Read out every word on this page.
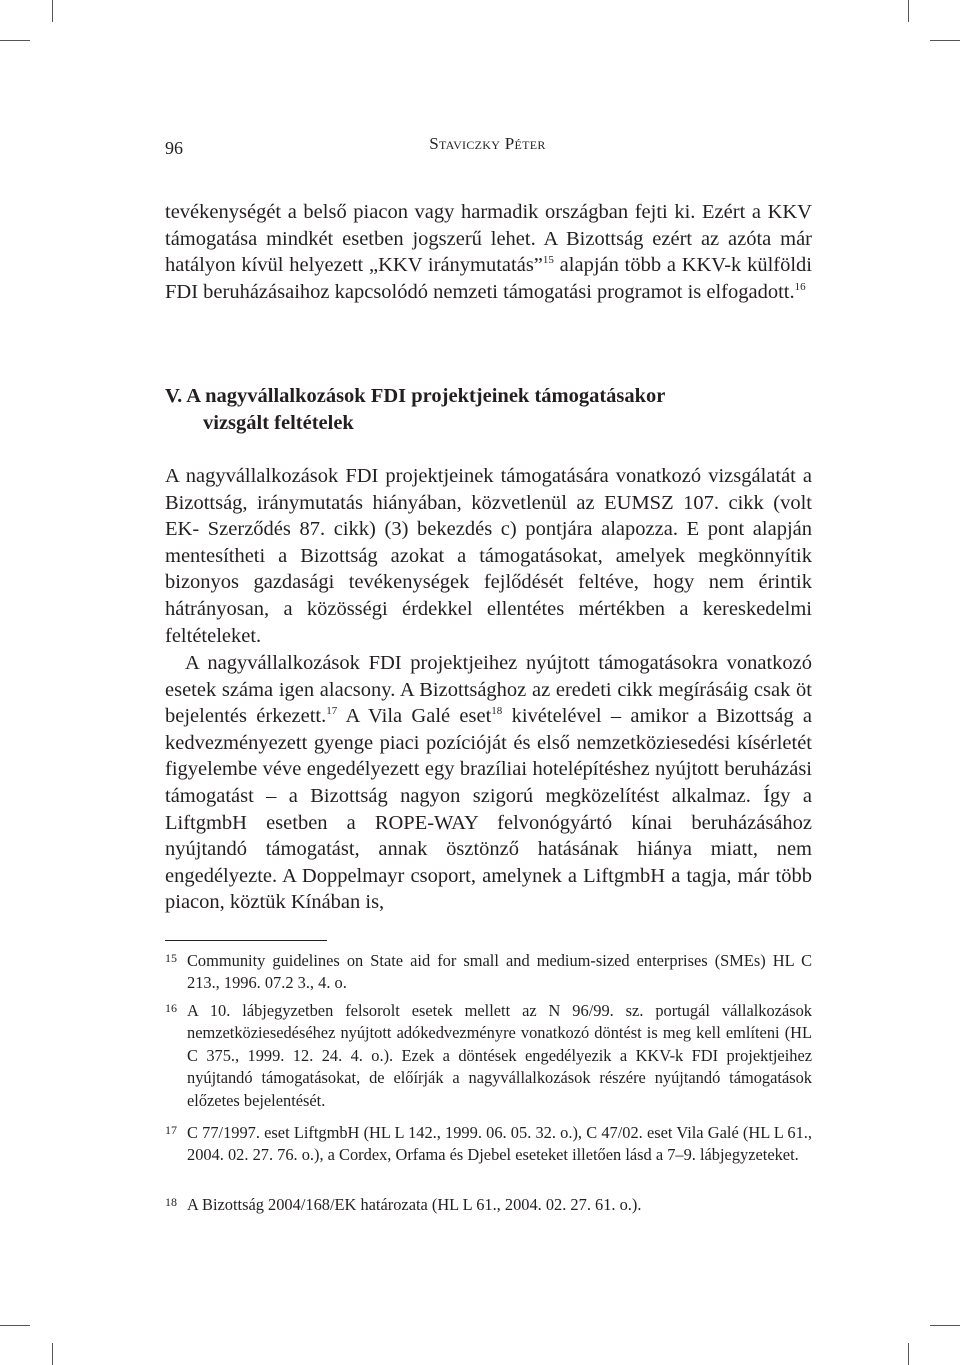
96	Staviczky Péter

tevékenységét a belső piacon vagy harmadik országban fejti ki. Ezért a KKV támogatása mindkét esetben jogszerű lehet. A Bizottság ezért az azóta már hatályon kívül helyezett „KKV iránymutatás”$^{15}$ alapján több a KKV-k külföldi FDI beruházásaihoz kapcsolódó nemzeti támogatási programot is elfogadott.$^{16}$

V. A nagyvállalkozások FDI projektjeinek támogatásakor
vizsgált feltételek

A nagyvállalkozások FDI projektjeinek támogatására vonatkozó vizsgálatát a Bizottság, iránymutatás hiányában, közvetlenül az EUMSZ 107. cikk (volt EK- Szerződés 87. cikk) (3) bekezdés c) pontjára alapozza. E pont alapján mentesítheti a Bizottság azokat a támogatásokat, amelyek megkönnyítik bizonyos gazdasági tevékenységek fejlődését feltéve, hogy nem érintik hátrányosan, a közösségi érdekkel ellentétes mértékben a kereskedelmi feltételeket.

A nagyvállalkozások FDI projektjeihez nyújtott támogatásokra vonatkozó esetek száma igen alacsony. A Bizottsághoz az eredeti cikk megírásáig csak öt bejelentés érkezett.$^{17}$ A Vila Galé eset$^{18}$ kivételével – amikor a Bizottság a kedvezményezett gyenge piaci pozícióját és első nemzetköziesedési kísérletét figyelembe véve engedélyezett egy brazíliai hotelépítéshez nyújtott beruházási támogatást – a Bizottság nagyon szigorú megközelítést alkalmaz. Így a LiftgmbH esetben a ROPE-WAY felvonógyártó kínai beruházásához nyújtandó támogatást, annak ösztönző hatásának hiánya miatt, nem engedélyezte. A Doppelmayr csoport, amelynek a LiftgmbH a tagja, már több piacon, köztük Kínában is,

15 Community guidelines on State aid for small and medium-sized enterprises (SMEs) HL C 213., 1996. 07.2 3., 4. o.
16 A 10. lábjegyzetben felsorolt esetek mellett az N 96/99. sz. portugál vállalkozások nemzetköziesedéséhez nyújtott adókedvezményre vonatkozó döntést is meg kell említeni (HL C 375., 1999. 12. 24. 4. o.). Ezek a döntések engedélyezik a KKV-k FDI projektjeihez nyújtandó támogatásokat, de előírják a nagyvállalkozások részére nyújtandó támogatások előzetes bejelentését.
17 C 77/1997. eset LiftgmbH (HL L 142., 1999. 06. 05. 32. o.), C 47/02. eset Vila Galé (HL L 61., 2004. 02. 27. 76. o.), a Cordex, Orfama és Djebel eseteket illetően lásd a 7–9. lábjegyzeteket.
18 A Bizottság 2004/168/EK határozata (HL L 61., 2004. 02. 27. 61. o.).
